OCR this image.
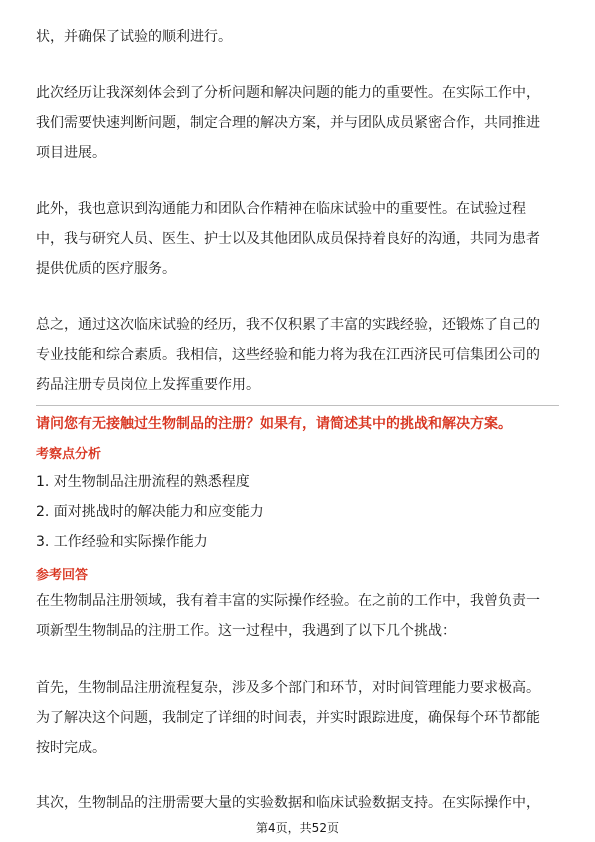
状，并确保了试验的顺利进行。
此次经历让我深刻体会到了分析问题和解决问题的能力的重要性。在实际工作中，
我们需要快速判断问题，制定合理的解决方案，并与团队成员紧密合作，共同推进
项目进展。
此外，我也意识到沟通能力和团队合作精神在临床试验中的重要性。在试验过程
中，我与研究人员、医生、护士以及其他团队成员保持着良好的沟通，共同为患者
提供优质的医疗服务。
总之，通过这次临床试验的经历，我不仅积累了丰富的实践经验，还锻炼了自己的
专业技能和综合素质。我相信，这些经验和能力将为我在江西济民可信集团公司的
药品注册专员岗位上发挥重要作用。
请问您有无接触过生物制品的注册？如果有，请简述其中的挑战和解决方案。
考察点分析
1. 对生物制品注册流程的熟悉程度
2. 面对挑战时的解决能力和应变能力
3. 工作经验和实际操作能力
参考回答
在生物制品注册领域，我有着丰富的实际操作经验。在之前的工作中，我曾负责一
项新型生物制品的注册工作。这一过程中，我遇到了以下几个挑战：
首先，生物制品注册流程复杂，涉及多个部门和环节，对时间管理能力要求极高。
为了解决这个问题，我制定了详细的时间表，并实时跟踪进度，确保每个环节都能
按时完成。
其次，生物制品的注册需要大量的实验数据和临床试验数据支持。在实际操作中，
第4页，共52页
